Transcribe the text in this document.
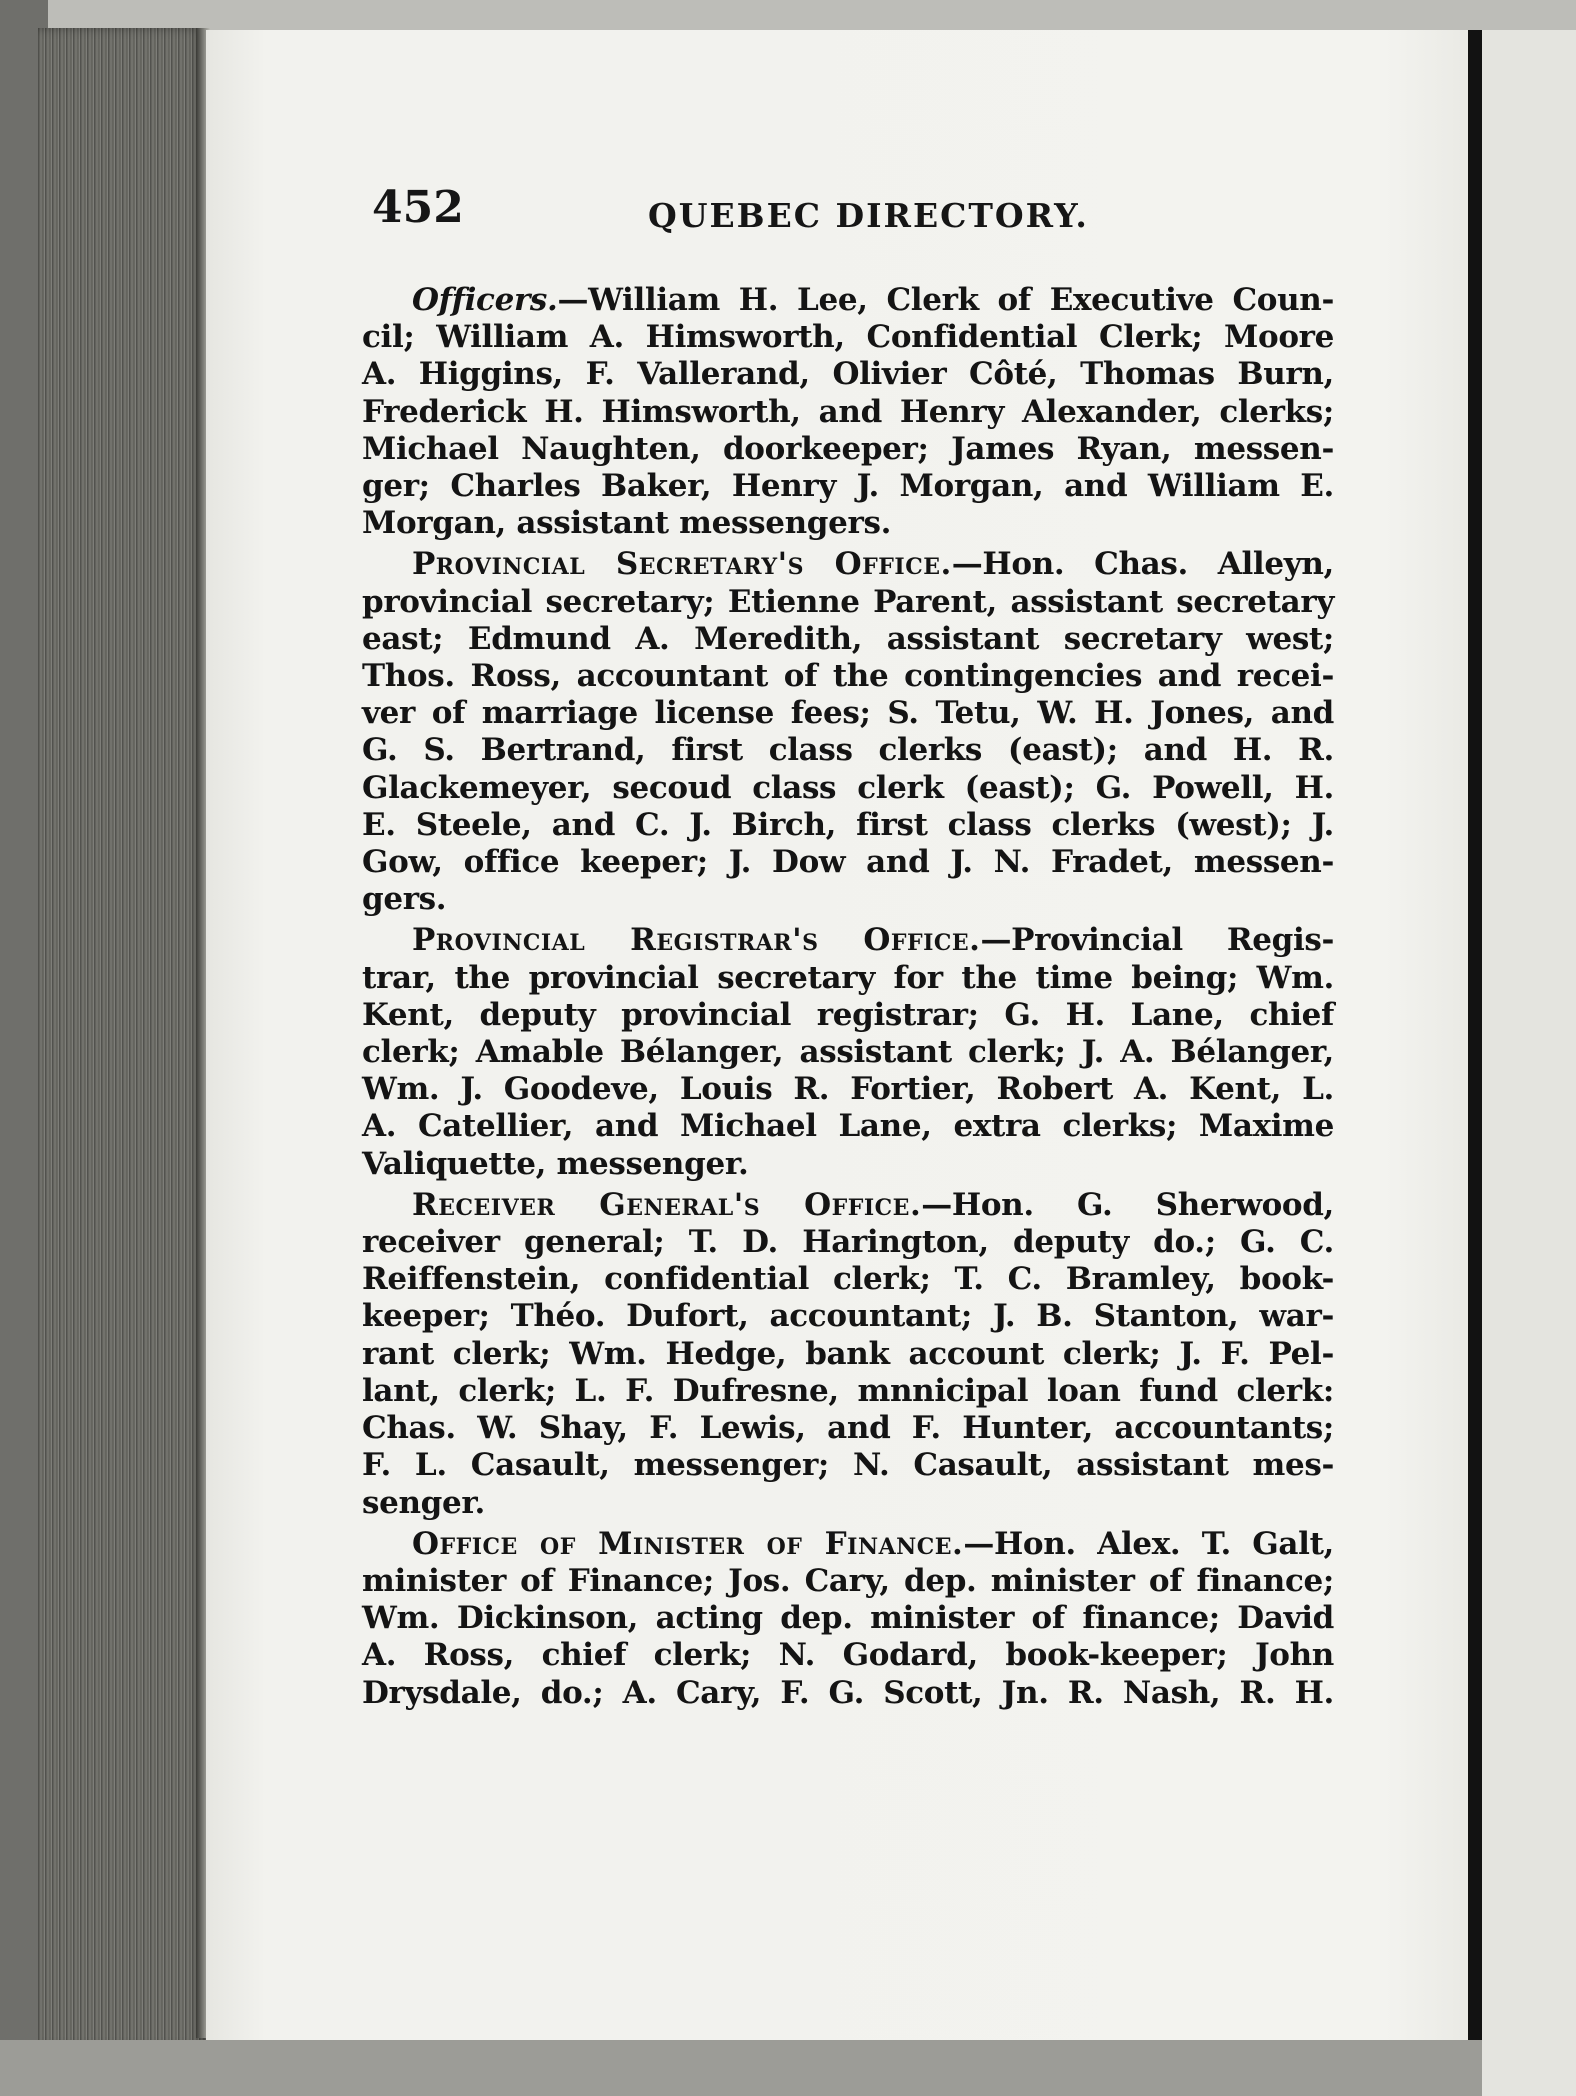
452	QUEBEC DIRECTORY.
Officers.—William H. Lee, Clerk of Executive Coun-
cil; William A. Himsworth, Confidential Clerk; Moore
A. Higgins, F. Vallerand, Olivier Côté, Thomas Burn,
Frederick H. Himsworth, and Henry Alexander, clerks;
Michael Naughten, doorkeeper; James Ryan, messen-
ger; Charles Baker, Henry J. Morgan, and William E.
Morgan, assistant messengers.
Provincial Secretary's Office.—Hon. Chas. Alleyn,
provincial secretary; Etienne Parent, assistant secretary
east; Edmund A. Meredith, assistant secretary west;
Thos. Ross, accountant of the contingencies and recei-
ver of marriage license fees; S. Tetu, W. H. Jones, and
G. S. Bertrand, first class clerks (east); and H. R.
Glackemeyer, secoud class clerk (east); G. Powell, H.
E. Steele, and C. J. Birch, first class clerks (west); J.
Gow, office keeper; J. Dow and J. N. Fradet, messen-
gers.
Provincial Registrar's Office.—Provincial Regis-
trar, the provincial secretary for the time being; Wm.
Kent, deputy provincial registrar; G. H. Lane, chief
clerk; Amable Bélanger, assistant clerk; J. A. Bélanger,
Wm. J. Goodeve, Louis R. Fortier, Robert A. Kent, L.
A. Catellier, and Michael Lane, extra clerks; Maxime
Valiquette, messenger.
Receiver General's Office.—Hon. G. Sherwood,
receiver general; T. D. Harington, deputy do.; G. C.
Reiffenstein, confidential clerk; T. C. Bramley, book-
keeper; Théo. Dufort, accountant; J. B. Stanton, war-
rant clerk; Wm. Hedge, bank account clerk; J. F. Pel-
lant, clerk; L. F. Dufresne, mnnicipal loan fund clerk:
Chas. W. Shay, F. Lewis, and F. Hunter, accountants;
F. L. Casault, messenger; N. Casault, assistant mes-
senger.
Office of Minister of Finance.—Hon. Alex. T. Galt,
minister of Finance; Jos. Cary, dep. minister of finance;
Wm. Dickinson, acting dep. minister of finance; David
A. Ross, chief clerk; N. Godard, book-keeper; John
Drysdale, do.; A. Cary, F. G. Scott, Jn. R. Nash, R. H.
